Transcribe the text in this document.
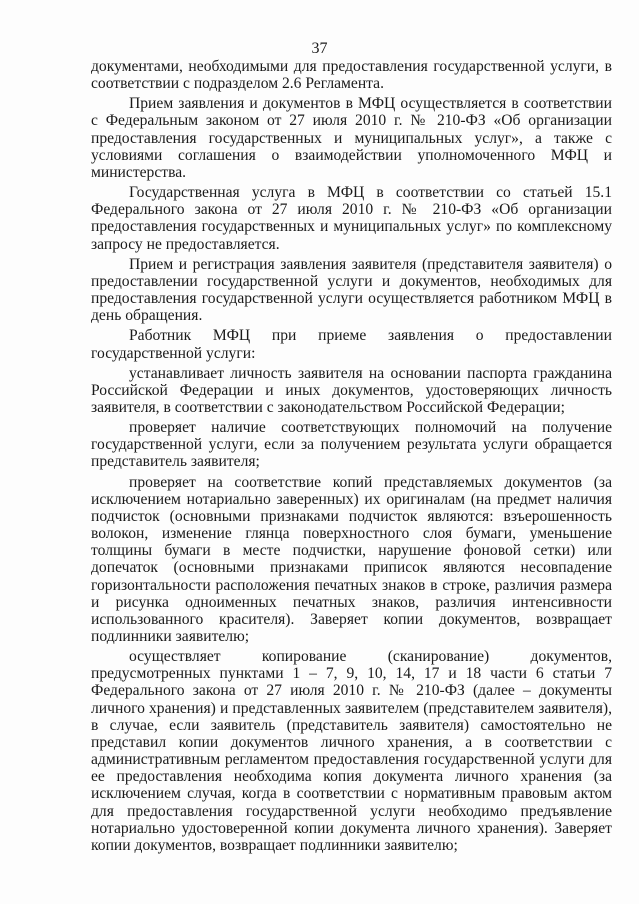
37

документами, необходимыми для предоставления государственной услуги, в соответствии с подразделом 2.6 Регламента.

Прием заявления и документов в МФЦ осуществляется в соответствии с Федеральным законом от 27 июля 2010 г. № 210-ФЗ «Об организации предоставления государственных и муниципальных услуг», а также с условиями соглашения о взаимодействии уполномоченного МФЦ и министерства.

Государственная услуга в МФЦ в соответствии со статьей 15.1 Федерального закона от 27 июля 2010 г. № 210-ФЗ «Об организации предоставления государственных и муниципальных услуг» по комплексному запросу не предоставляется.

Прием и регистрация заявления заявителя (представителя заявителя) о предоставлении государственной услуги и документов, необходимых для предоставления государственной услуги осуществляется работником МФЦ в день обращения.

Работник МФЦ при приеме заявления о предоставлении государственной услуги:

устанавливает личность заявителя на основании паспорта гражданина Российской Федерации и иных документов, удостоверяющих личность заявителя, в соответствии с законодательством Российской Федерации;

проверяет наличие соответствующих полномочий на получение государственной услуги, если за получением результата услуги обращается представитель заявителя;

проверяет на соответствие копий представляемых документов (за исключением нотариально заверенных) их оригиналам (на предмет наличия подчисток (основными признаками подчисток являются: взъерошенность волокон, изменение глянца поверхностного слоя бумаги, уменьшение толщины бумаги в месте подчистки, нарушение фоновой сетки) или допечаток (основными признаками приписок являются несовпадение горизонтальности расположения печатных знаков в строке, различия размера и рисунка одноименных печатных знаков, различия интенсивности использованного красителя). Заверяет копии документов, возвращает подлинники заявителю;

осуществляет копирование (сканирование) документов, предусмотренных пунктами 1 – 7, 9, 10, 14, 17 и 18 части 6 статьи 7 Федерального закона от 27 июля 2010 г. № 210-ФЗ (далее – документы личного хранения) и представленных заявителем (представителем заявителя), в случае, если заявитель (представитель заявителя) самостоятельно не представил копии документов личного хранения, а в соответствии с административным регламентом предоставления государственной услуги для ее предоставления необходима копия документа личного хранения (за исключением случая, когда в соответствии с нормативным правовым актом для предоставления государственной услуги необходимо предъявление нотариально удостоверенной копии документа личного хранения). Заверяет копии документов, возвращает подлинники заявителю;
